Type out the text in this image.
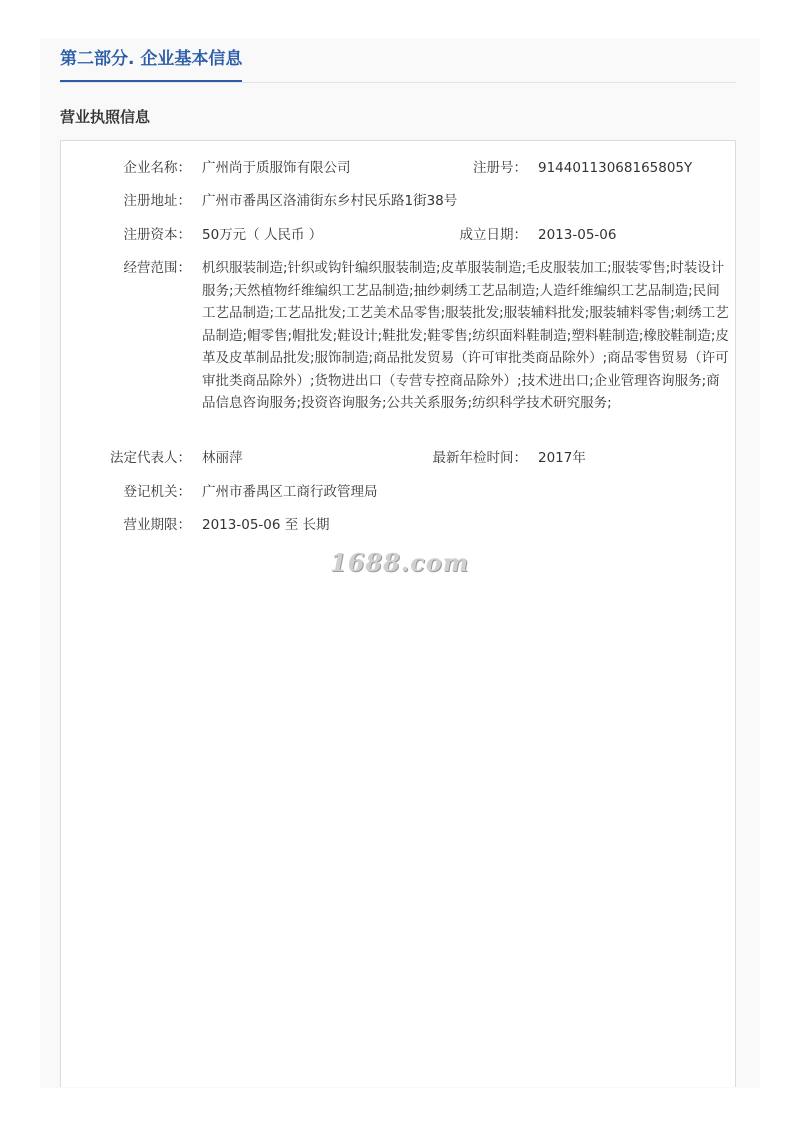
第二部分. 企业基本信息
营业执照信息
企业名称： 广州尚于质服饰有限公司	注册号： 91440113068165805Y
注册地址： 广州市番禺区洛浦街东乡村民乐路1街38号
注册资本： 50万元（ 人民币 ）	成立日期： 2013-05-06
经营范围： 机织服装制造;针织或钩针编织服装制造;皮革服装制造;毛皮服装加工;服装零售;时装设计服务;天然植物纤维编织工艺品制造;抽纱刺绣工艺品制造;人造纤维编织工艺品制造;民间工艺品制造;工艺品批发;工艺美术品零售;服装批发;服装辅料批发;服装辅料零售;刺绣工艺品制造;帽零售;帽批发;鞋设计;鞋批发;鞋零售;纺织面料鞋制造;塑料鞋制造;橡胶鞋制造;皮革及皮革制品批发;服饰制造;商品批发贸易（许可审批类商品除外）;商品零售贸易（许可审批类商品除外）;货物进出口（专营专控商品除外）;技术进出口;企业管理咨询服务;商品信息咨询服务;投资咨询服务;公共关系服务;纺织科学技术研究服务;
法定代表人： 林丽萍	最新年检时间： 2017年
登记机关： 广州市番禺区工商行政管理局
营业期限： 2013-05-06 至 长期
1688.com
